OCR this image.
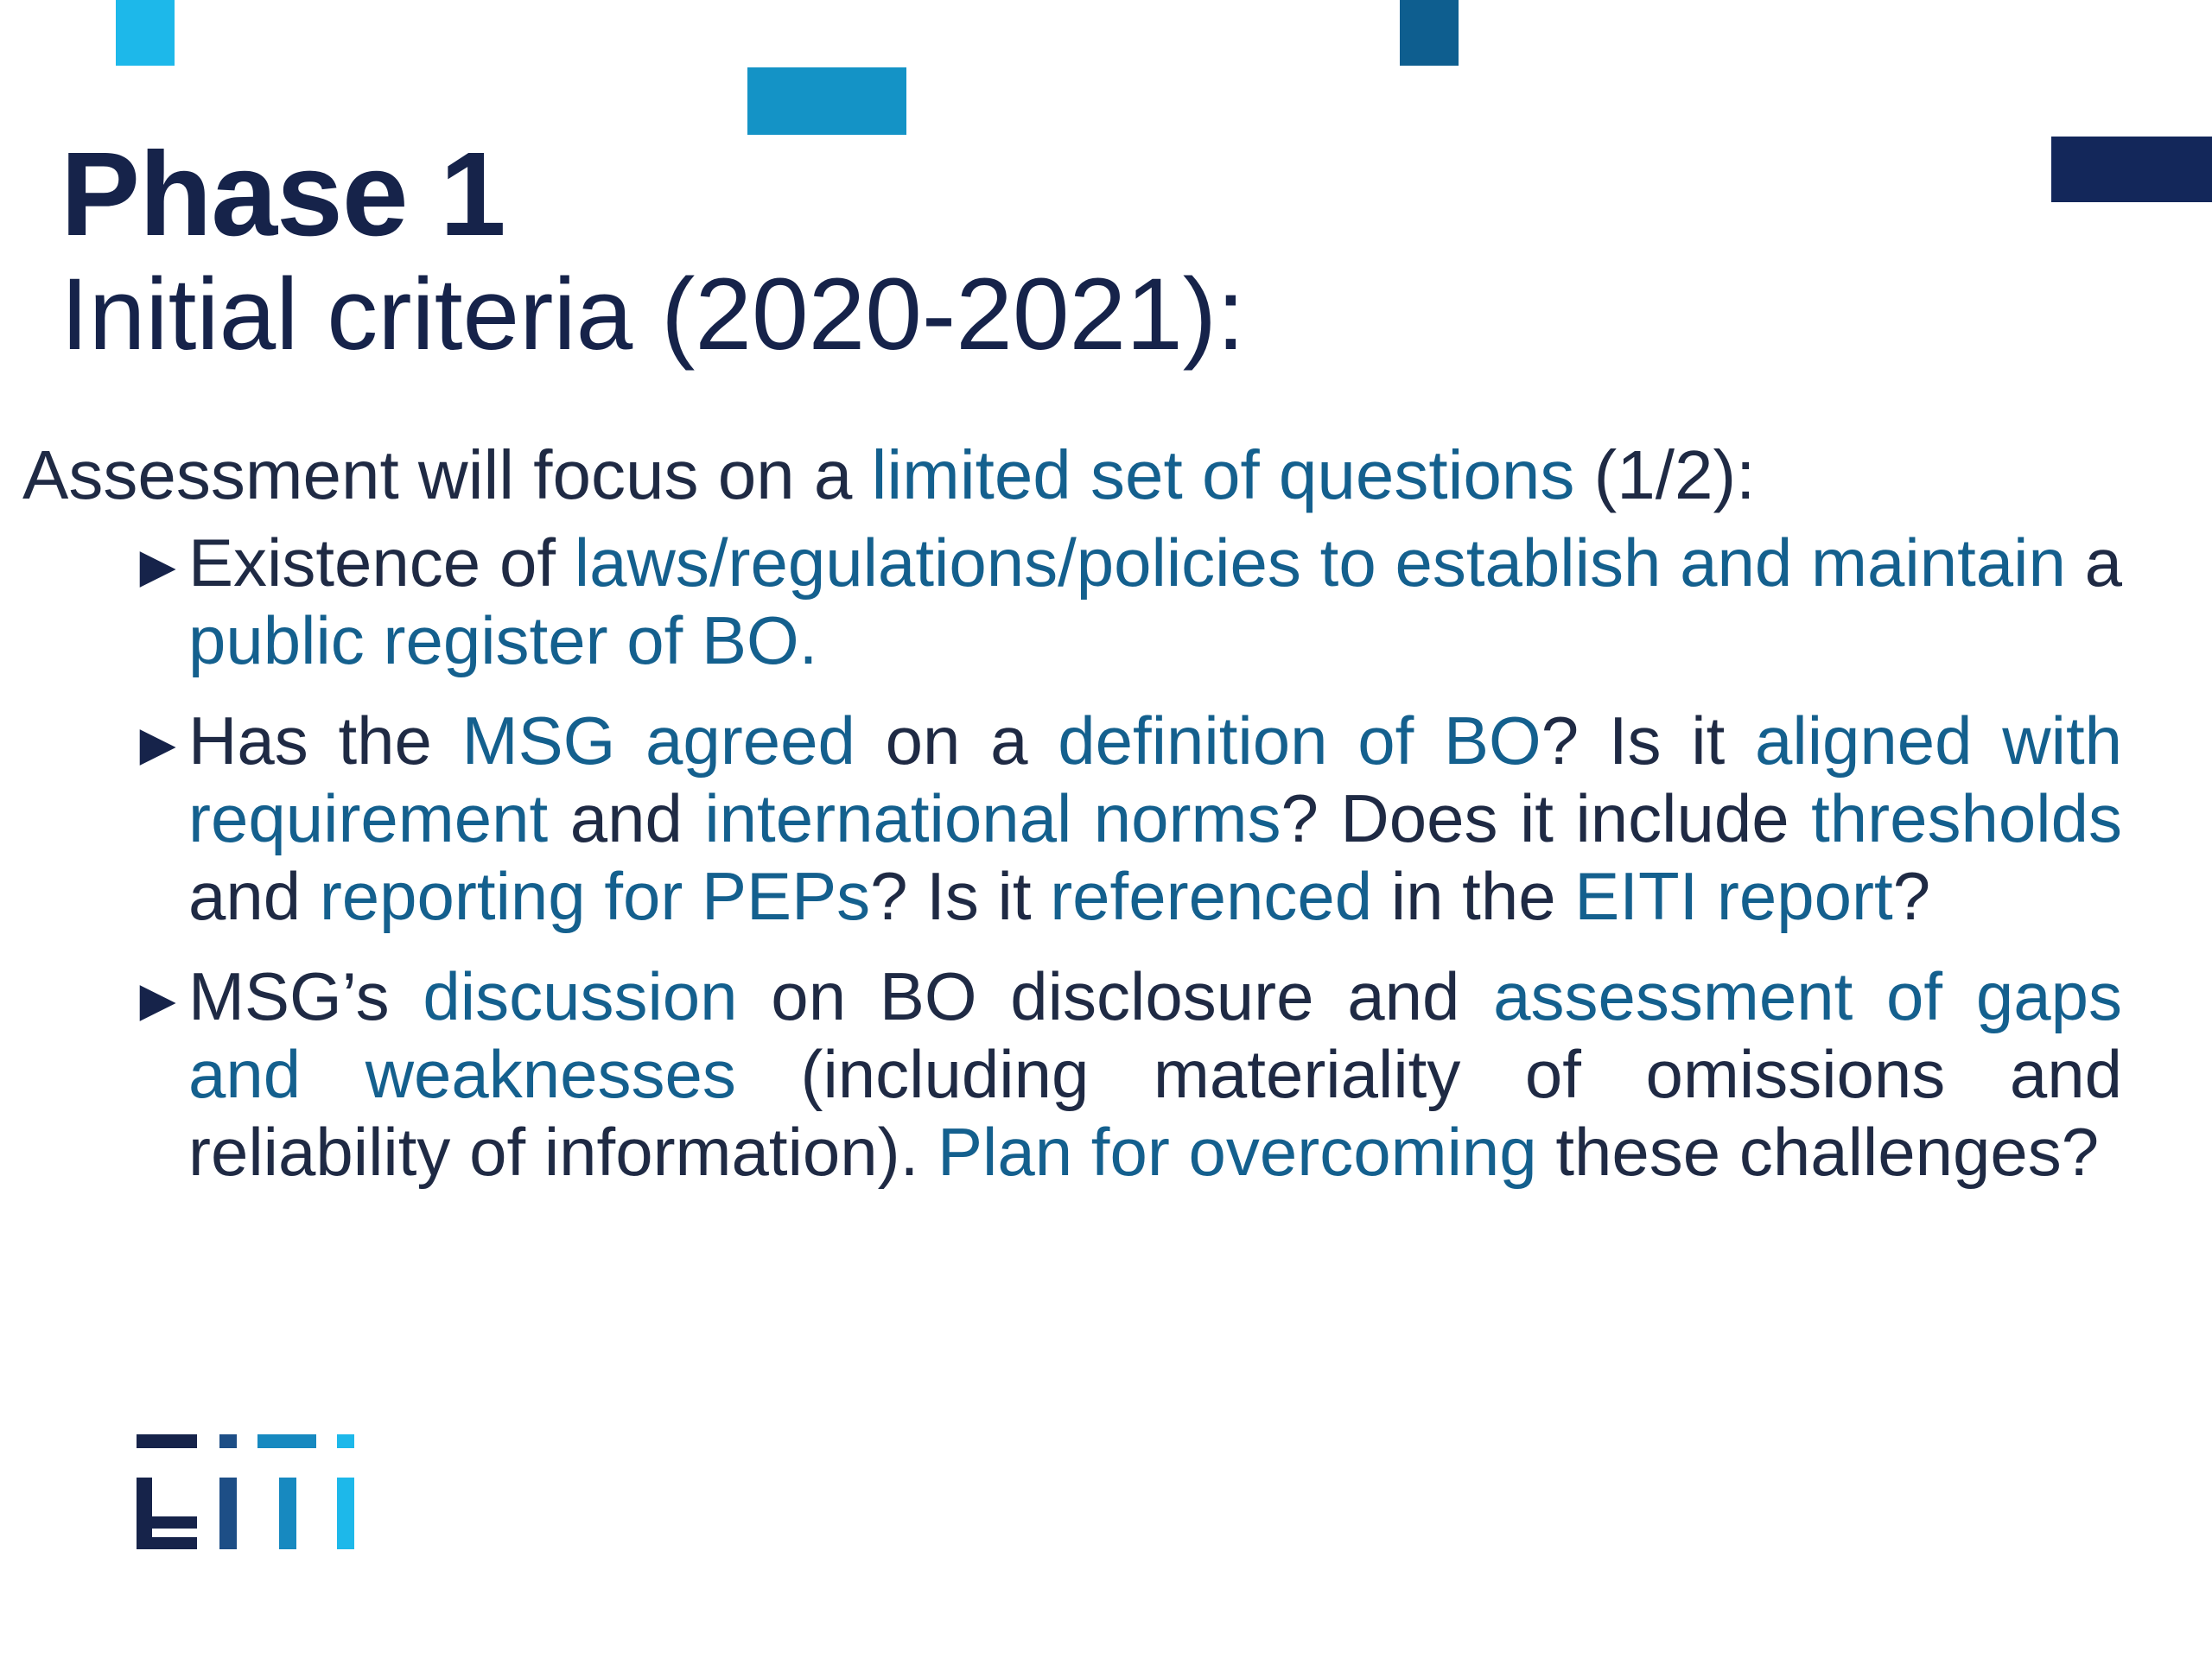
Phase 1
Initial criteria (2020-2021):

Assessment will focus on a limited set of questions (1/2):

► Existence of laws/regulations/policies to establish and maintain a public register of BO.
► Has the MSG agreed on a definition of BO? Is it aligned with requirement and international norms? Does it include thresholds and reporting for PEPs? Is it referenced in the EITI report?
► MSG’s discussion on BO disclosure and assessment of gaps and weaknesses (including materiality of omissions and reliability of information). Plan for overcoming these challenges?
